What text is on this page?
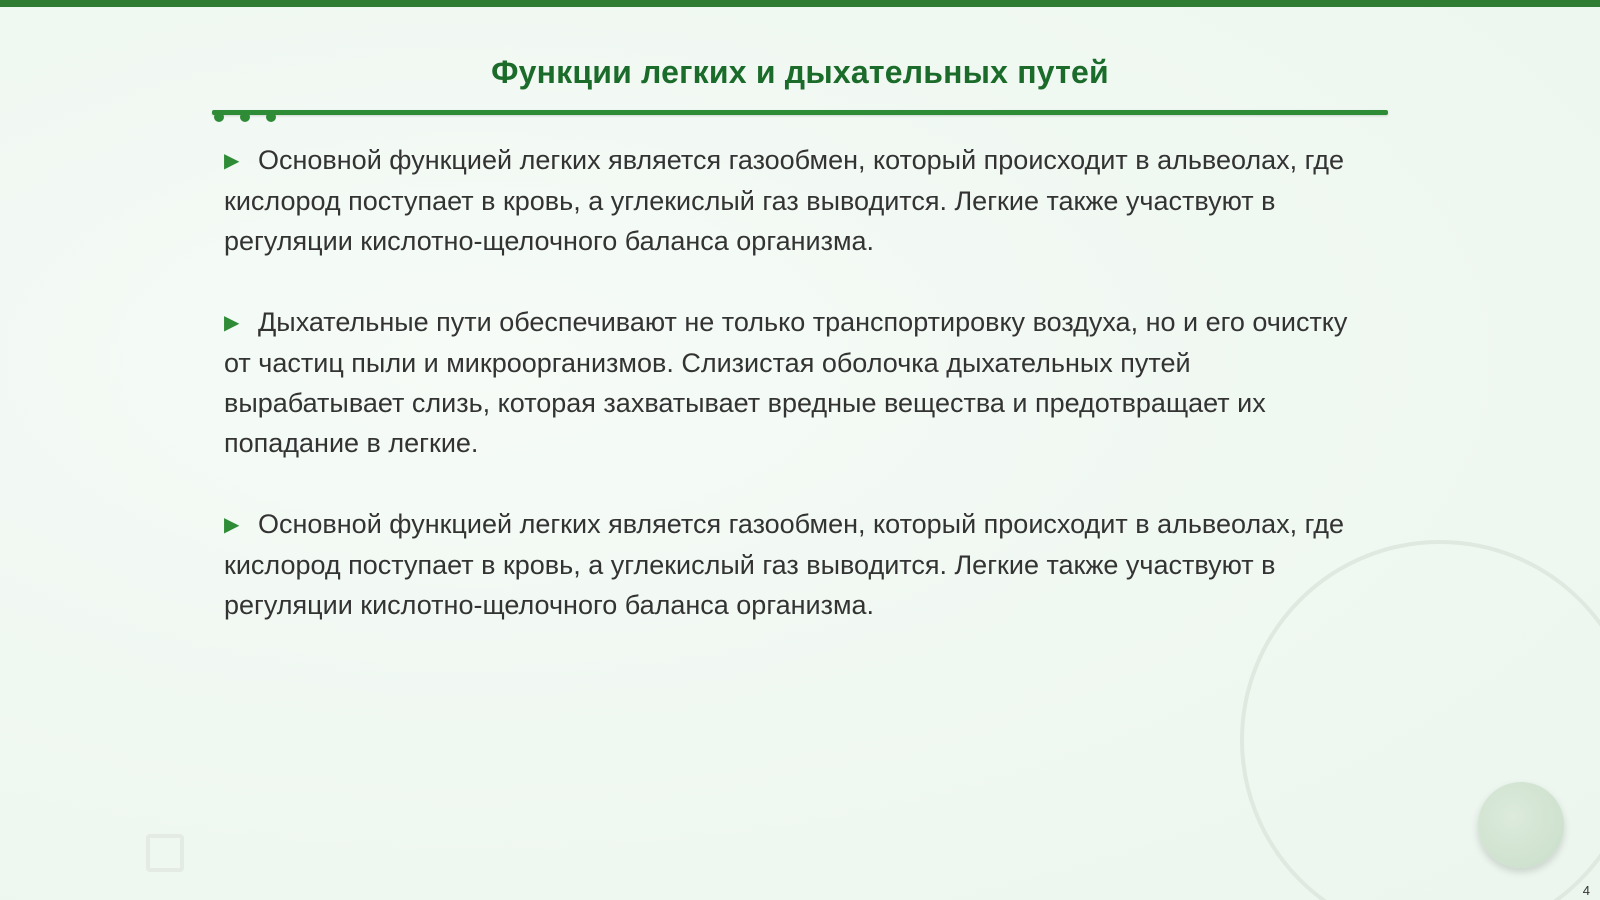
Функции легких и дыхательных путей
▶ Основной функцией легких является газообмен, который происходит в альвеолах, где кислород поступает в кровь, а углекислый газ выводится. Легкие также участвуют в регуляции кислотно-щелочного баланса организма.
▶ Дыхательные пути обеспечивают не только транспортировку воздуха, но и его очистку от частиц пыли и микроорганизмов. Слизистая оболочка дыхательных путей вырабатывает слизь, которая захватывает вредные вещества и предотвращает их попадание в легкие.
▶ Основной функцией легких является газообмен, который происходит в альвеолах, где кислород поступает в кровь, а углекислый газ выводится. Легкие также участвуют в регуляции кислотно-щелочного баланса организма.
4
